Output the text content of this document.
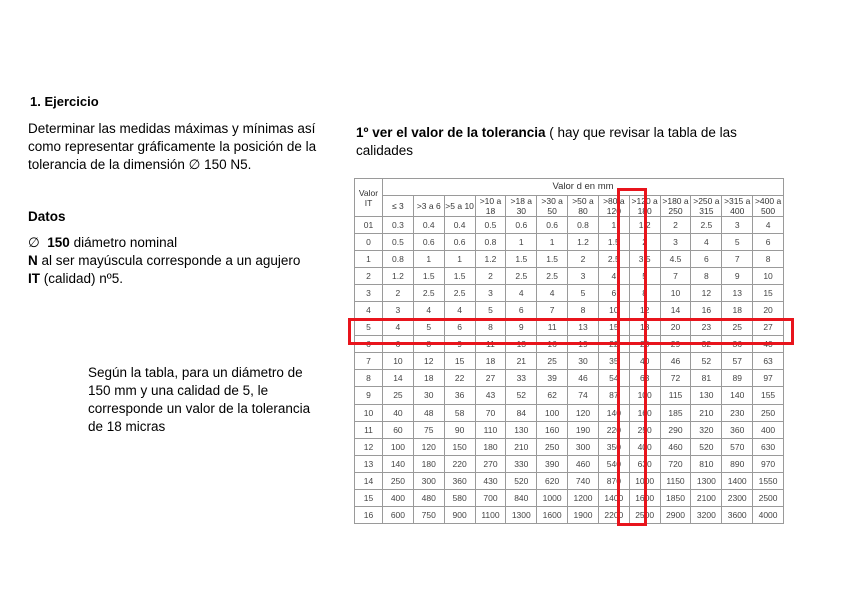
1. Ejercicio
Determinar las medidas máximas y mínimas así como representar gráficamente la posición de la tolerancia de la dimensión ∅ 150 N5.
Datos
∅ 150 diámetro nominal
N al ser mayúscula corresponde a un agujero
IT (calidad) nº5.
Según la tabla, para un diámetro de 150 mm y una calidad de 5, le corresponde un valor de la tolerancia de 18 micras
1º ver el valor de la tolerancia ( hay que revisar la tabla de las calidades
Valor IT	Valor d en mm												
	≤ 3	>3 a 6	>5 a 10	>10 a 18	>18 a 30	>30 a 50	>50 a 80	>80 a 120	>120 a 180	>180 a 250	>250 a 315	>315 a 400	>400 a 500
01	0.3	0.4	0.4	0.5	0.6	0.6	0.8	1	1.2	2	2.5	3	4
0	0.5	0.6	0.6	0.8	1	1	1.2	1.5	2	3	4	5	6
1	0.8	1	1	1.2	1.5	1.5	2	2.5	3.5	4.5	6	7	8
2	1.2	1.5	1.5	2	2.5	2.5	3	4	5	7	8	9	10
3	2	2.5	2.5	3	4	4	5	6	8	10	12	13	15
4	3	4	4	5	6	7	8	10	12	14	16	18	20
5	4	5	6	8	9	11	13	15	18	20	23	25	27
6	6	8	9	11	13	16	19	22	25	29	32	36	40
7	10	12	15	18	21	25	30	35	40	46	52	57	63
8	14	18	22	27	33	39	46	54	63	72	81	89	97
9	25	30	36	43	52	62	74	87	100	115	130	140	155
10	40	48	58	70	84	100	120	140	160	185	210	230	250
11	60	75	90	110	130	160	190	220	250	290	320	360	400
12	100	120	150	180	210	250	300	350	400	460	520	570	630
13	140	180	220	270	330	390	460	540	630	720	810	890	970
14	250	300	360	430	520	620	740	870	1000	1150	1300	1400	1550
15	400	480	580	700	840	1000	1200	1400	1600	1850	2100	2300	2500
16	600	750	900	1100	1300	1600	1900	2200	2500	2900	3200	3600	4000
